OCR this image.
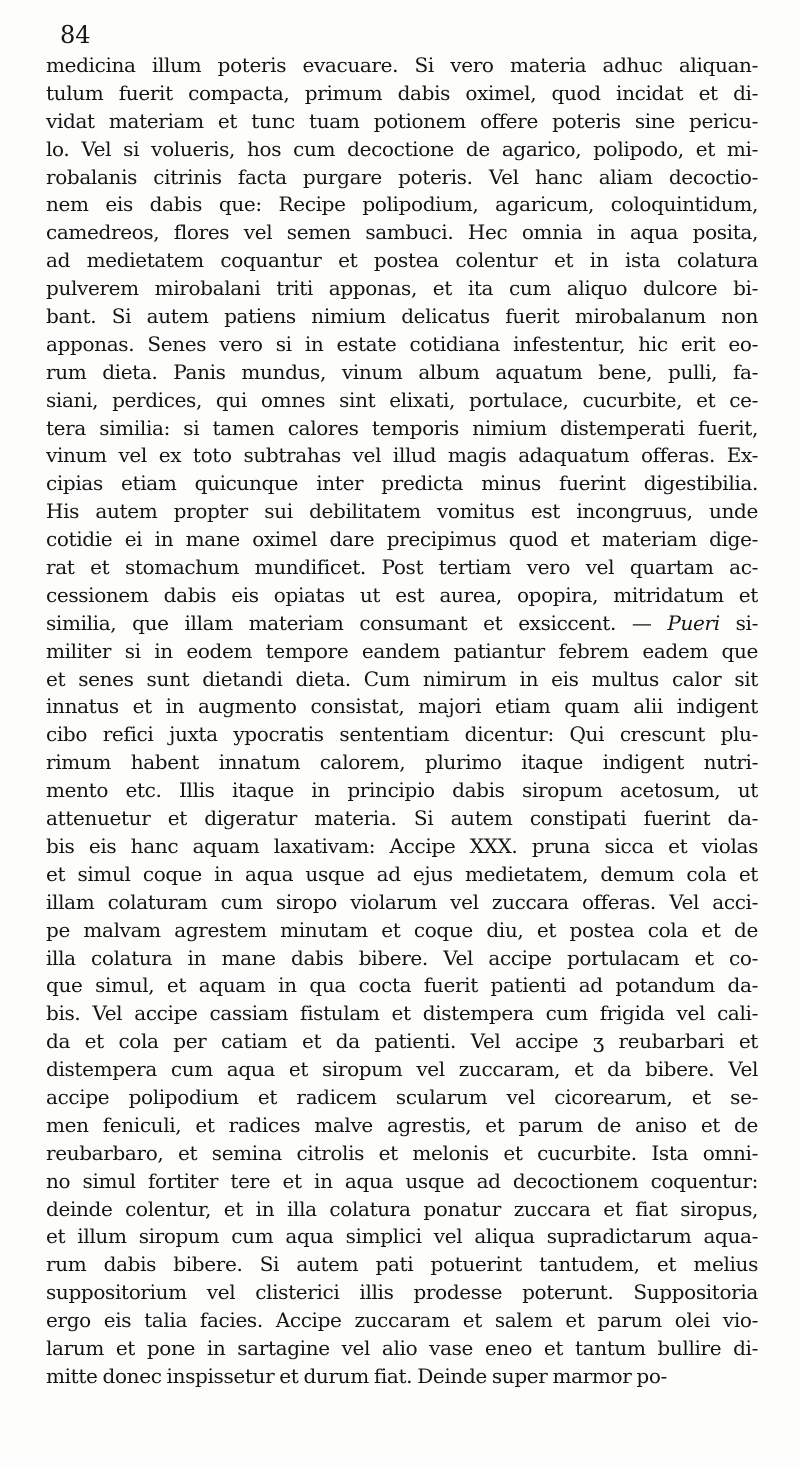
84
medicina illum poteris evacuare. Si vero materia adhuc aliquan-
tulum fuerit compacta, primum dabis oximel, quod incidat et di-
vidat materiam et tunc tuam potionem offere poteris sine pericu-
lo. Vel si volueris, hos cum decoctione de agarico, polipodo, et mi-
robalanis citrinis facta purgare poteris. Vel hanc aliam decoctio-
nem eis dabis que: Recipe polipodium, agaricum, coloquintidum,
camedreos, flores vel semen sambuci. Hec omnia in aqua posita,
ad medietatem coquantur et postea colentur et in ista colatura
pulverem mirobalani triti apponas, et ita cum aliquo dulcore bi-
bant. Si autem patiens nimium delicatus fuerit mirobalanum non
apponas. Senes vero si in estate cotidiana infestentur, hic erit eo-
rum dieta. Panis mundus, vinum album aquatum bene, pulli, fa-
siani, perdices, qui omnes sint elixati, portulace, cucurbite, et ce-
tera similia: si tamen calores temporis nimium distemperati fuerit,
vinum vel ex toto subtrahas vel illud magis adaquatum offeras. Ex-
cipias etiam quicunque inter predicta minus fuerint digestibilia.
His autem propter sui debilitatem vomitus est incongruus, unde
cotidie ei in mane oximel dare precipimus quod et materiam dige-
rat et stomachum mundificet. Post tertiam vero vel quartam ac-
cessionem dabis eis opiatas ut est aurea, opopira, mitridatum et
similia, que illam materiam consumant et exsiccent. — Pueri si-
militer si in eodem tempore eandem patiantur febrem eadem que
et senes sunt dietandi dieta. Cum nimirum in eis multus calor sit
innatus et in augmento consistat, majori etiam quam alii indigent
cibo refici juxta ypocratis sententiam dicentur: Qui crescunt plu-
rimum habent innatum calorem, plurimo itaque indigent nutri-
mento etc. Illis itaque in principio dabis siropum acetosum, ut
attenuetur et digeratur materia. Si autem constipati fuerint da-
bis eis hanc aquam laxativam: Accipe XXX. pruna sicca et violas
et simul coque in aqua usque ad ejus medietatem, demum cola et
illam colaturam cum siropo violarum vel zuccara offeras. Vel acci-
pe malvam agrestem minutam et coque diu, et postea cola et de
illa colatura in mane dabis bibere. Vel accipe portulacam et co-
que simul, et aquam in qua cocta fuerit patienti ad potandum da-
bis. Vel accipe cassiam fistulam et distempera cum frigida vel cali-
da et cola per catiam et da patienti. Vel accipe ʒ reubarbari et
distempera cum aqua et siropum vel zuccaram, et da bibere. Vel
accipe polipodium et radicem scularum vel cicorearum, et se-
men feniculi, et radices malve agrestis, et parum de aniso et de
reubarbaro, et semina citrolis et melonis et cucurbite. Ista omni-
no simul fortiter tere et in aqua usque ad decoctionem coquentur:
deinde colentur, et in illa colatura ponatur zuccara et fiat siropus,
et illum siropum cum aqua simplici vel aliqua supradictarum aqua-
rum dabis bibere. Si autem pati potuerint tantudem, et melius
suppositorium vel clisterici illis prodesse poterunt. Suppositoria
ergo eis talia facies. Accipe zuccaram et salem et parum olei vio-
larum et pone in sartagine vel alio vase eneo et tantum bullire di-
mitte donec inspissetur et durum fiat. Deinde super marmor po-
